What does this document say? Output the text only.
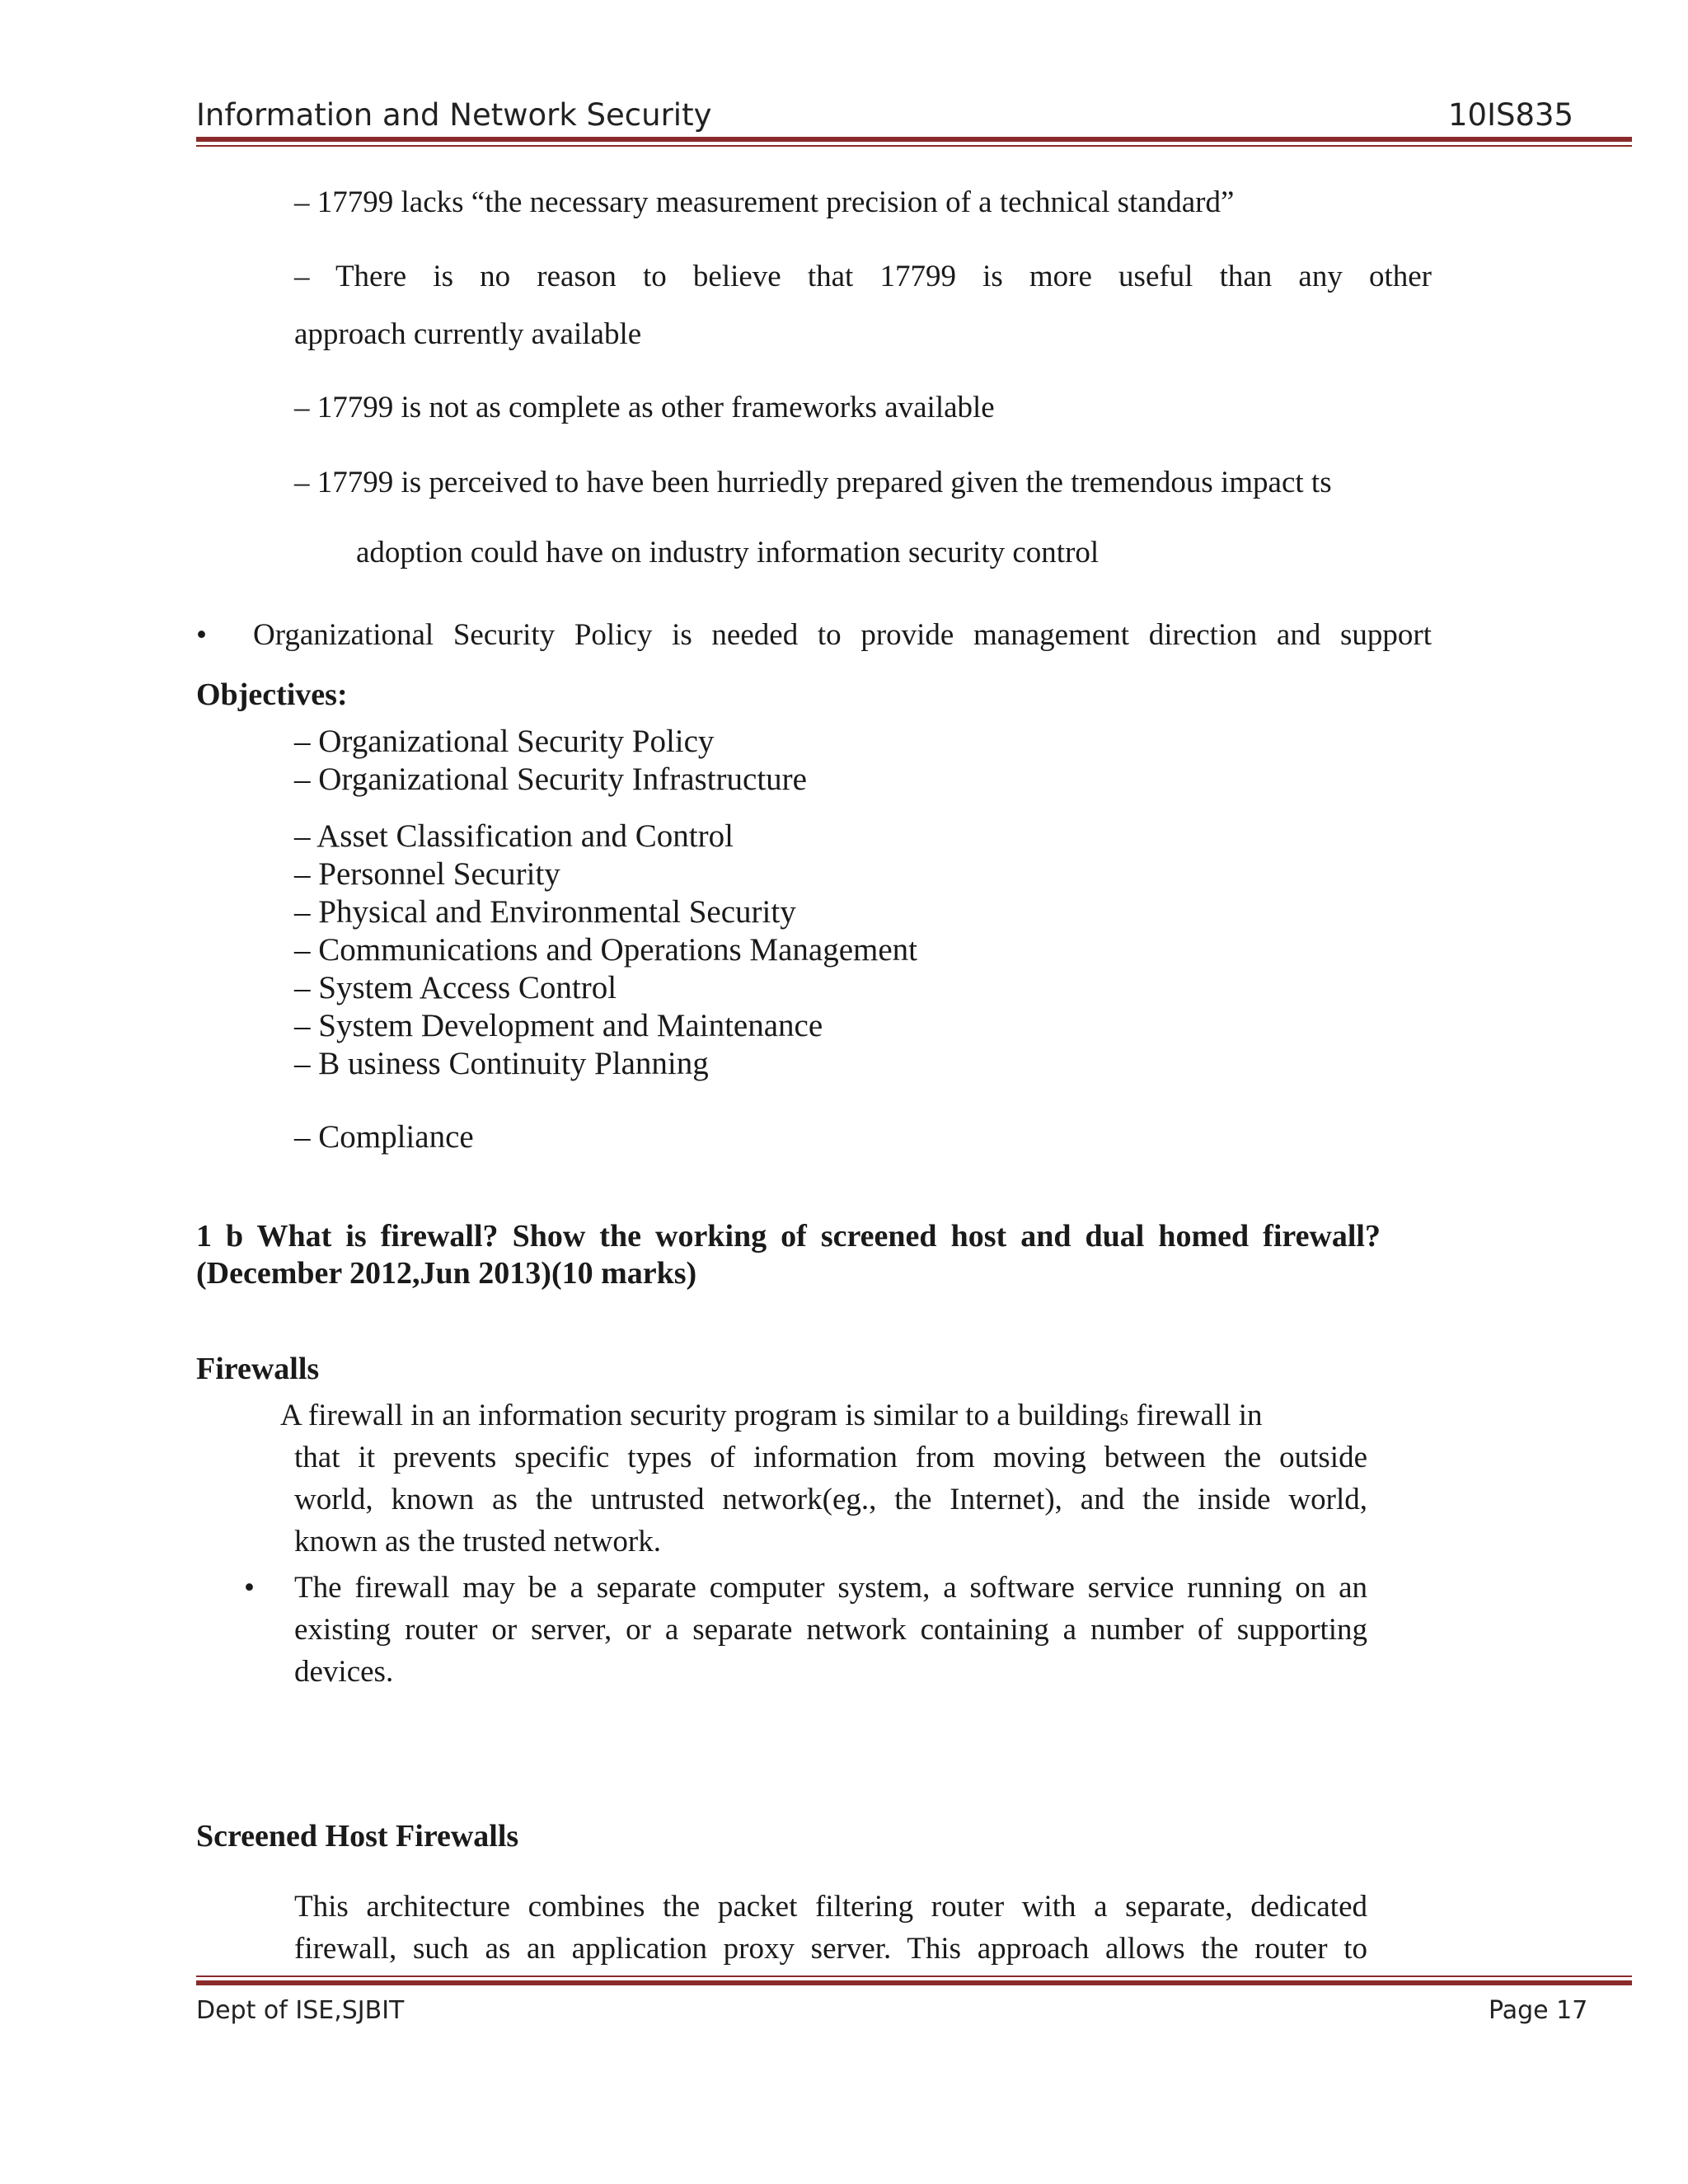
Information and Network Security	10IS835
– 17799 lacks “the necessary measurement precision of a technical standard”
– There is no reason to believe that 17799 is more useful than any other
approach currently available
– 17799 is not as complete as other frameworks available
– 17799 is perceived to have been hurriedly prepared given the tremendous impact ts
adoption could have on industry information security control
• Organizational Security Policy is needed to provide management direction and support
Objectives:
– Organizational Security Policy
– Organizational Security Infrastructure
– Asset Classification and Control
– Personnel Security
– Physical and Environmental Security
– Communications and Operations Management
– System Access Control
– System Development and Maintenance
– B usiness Continuity Planning
– Compliance
1 b What is firewall? Show the working of screened host and dual homed firewall?
(December 2012,Jun 2013)(10 marks)
Firewalls
A firewall in an information security program is similar to a buildings firewall in
that it prevents specific types of information from moving between the outside
world, known as the untrusted network(eg., the Internet), and the inside world,
known as the trusted network.
• The firewall may be a separate computer system, a software service running on an
existing router or server, or a separate network containing a number of supporting
devices.
Screened Host Firewalls
This architecture combines the packet filtering router with a separate, dedicated
firewall, such as an application proxy server. This approach allows the router to
Dept of ISE,SJBIT	Page 17
